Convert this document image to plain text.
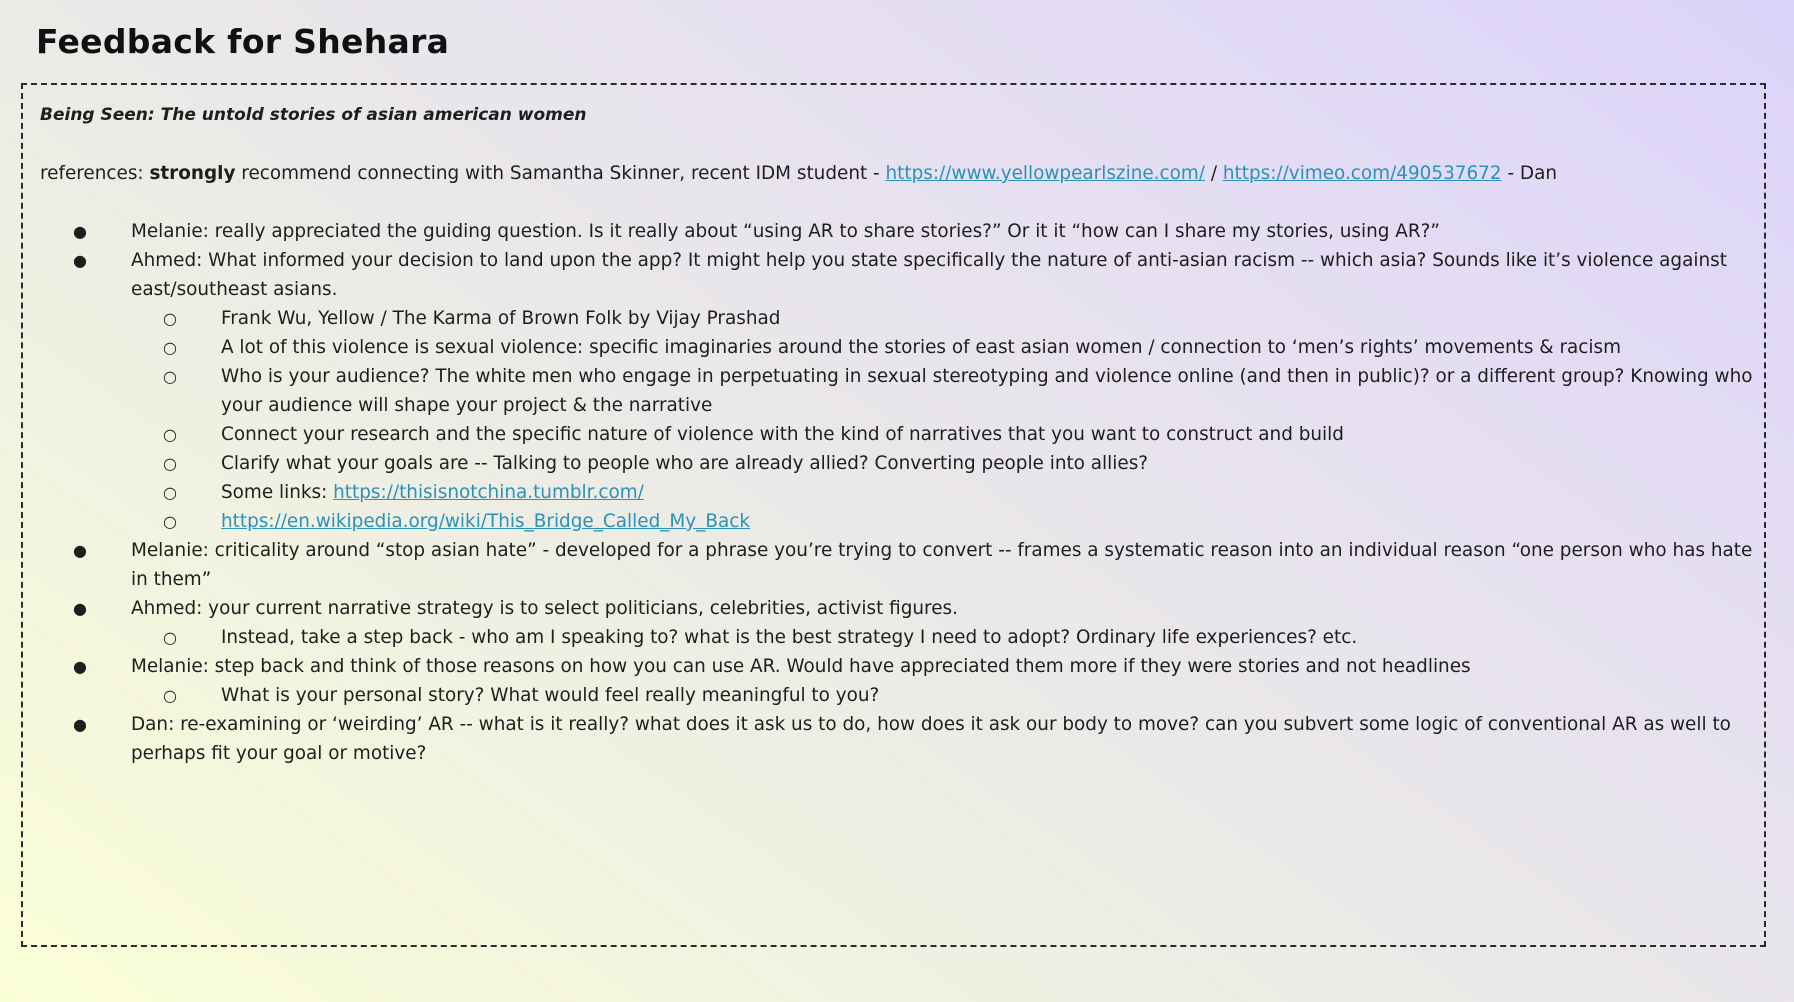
Feedback for Shehara

Being Seen: The untold stories of asian american women

references: strongly recommend connecting with Samantha Skinner, recent IDM student - https://www.yellowpearlszine.com/ / https://vimeo.com/490537672 - Dan

● Melanie: really appreciated the guiding question. Is it really about “using AR to share stories?” Or it it “how can I share my stories, using AR?”
● Ahmed: What informed your decision to land upon the app? It might help you state specifically the nature of anti-asian racism -- which asia? Sounds like it’s violence against east/southeast asians.
○ Frank Wu, Yellow / The Karma of Brown Folk by Vijay Prashad
○ A lot of this violence is sexual violence: specific imaginaries around the stories of east asian women / connection to ‘men’s rights’ movements & racism
○ Who is your audience? The white men who engage in perpetuating in sexual stereotyping and violence online (and then in public)? or a different group? Knowing who your audience will shape your project & the narrative
○ Connect your research and the specific nature of violence with the kind of narratives that you want to construct and build
○ Clarify what your goals are -- Talking to people who are already allied? Converting people into allies?
○ Some links: https://thisisnotchina.tumblr.com/
○ https://en.wikipedia.org/wiki/This_Bridge_Called_My_Back
● Melanie: criticality around “stop asian hate” - developed for a phrase you’re trying to convert -- frames a systematic reason into an individual reason “one person who has hate in them”
● Ahmed: your current narrative strategy is to select politicians, celebrities, activist figures.
○ Instead, take a step back - who am I speaking to? what is the best strategy I need to adopt? Ordinary life experiences? etc.
● Melanie: step back and think of those reasons on how you can use AR. Would have appreciated them more if they were stories and not headlines
○ What is your personal story? What would feel really meaningful to you?
● Dan: re-examining or ‘weirding’ AR -- what is it really? what does it ask us to do, how does it ask our body to move? can you subvert some logic of conventional AR as well to perhaps fit your goal or motive?
